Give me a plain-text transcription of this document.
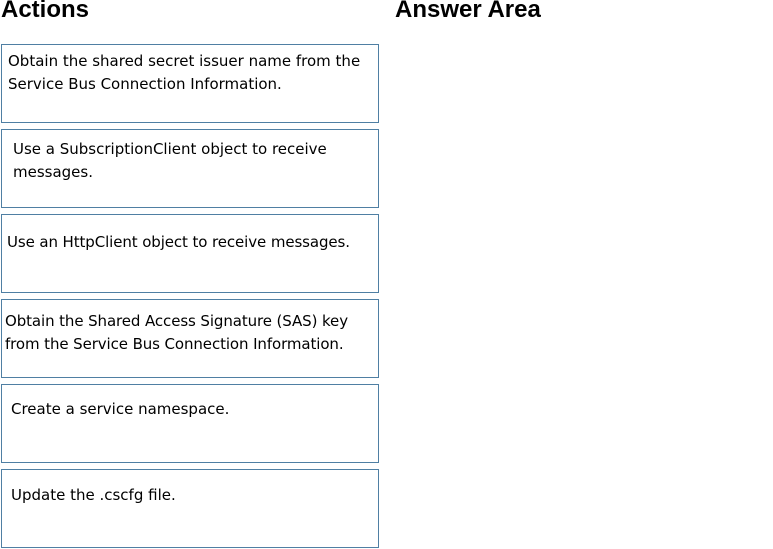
Actions	Answer Area
Obtain the shared secret issuer name from the Service Bus Connection Information.
Use a SubscriptionClient object to receive messages.
Use an HttpClient object to receive messages.
Obtain the Shared Access Signature (SAS) key from the Service Bus Connection Information.
Create a service namespace.
Update the .cscfg file.
